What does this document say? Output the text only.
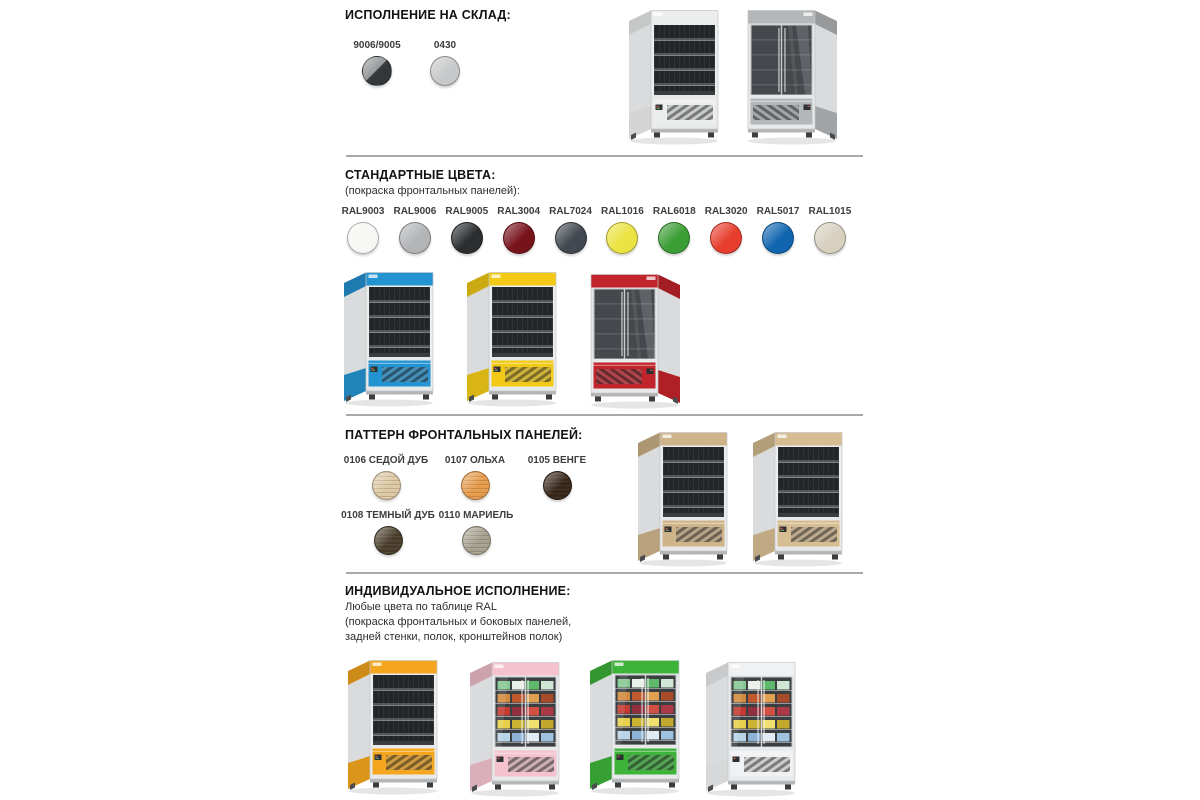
ИСПОЛНЕНИЕ НА СКЛАД:
9006/9005	0430
СТАНДАРТНЫЕ ЦВЕТА:

(покраска фронтальных панелей):

RAL9003 RAL9006 RAL9005 RAL3004 RAL7024 RAL1016 RAL6018 RAL3020 RAL5017 RAL1015
ПАТТЕРН ФРОНТАЛЬНЫХ ПАНЕЛЕЙ:
0106 СЕДОЙ ДУБ 0107 ОЛЬХА 0105 ВЕНГЕ
0108 ТЕМНЫЙ ДУБ 0110 МАРИЕЛЬ
ИНДИВИДУАЛЬНОЕ ИСПОЛНЕНИЕ:

Любые цвета по таблице RAL

(покраска фронтальных и боковых панелей,

задней стенки, полок, кронштейнов полок)
